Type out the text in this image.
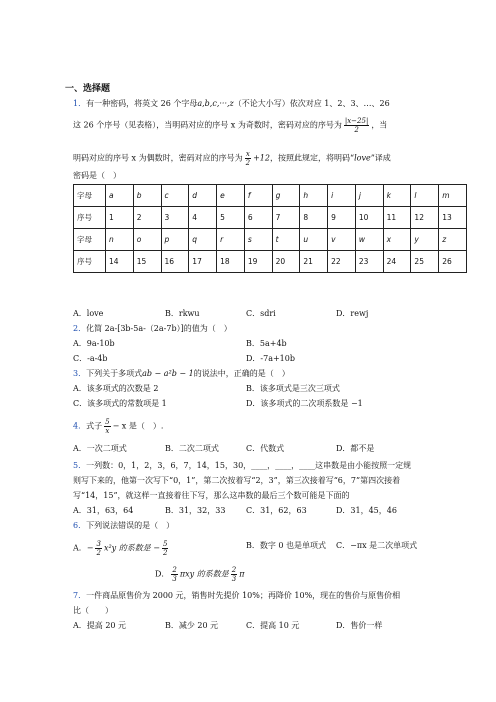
一、选择题
1．有一种密码，将英文 26 个字母a,b,c,···,z（不论大小写）依次对应 1、2、3、…、26
这 26 个序号（见表格），当明码对应的序号 x 为奇数时，密码对应的序号为 $\frac{|x-25|}{2}$ ，当
明码对应的序号 x 为偶数时，密码对应的序号为 $\frac{x}{2} +12$，按照此规定，将明码“love”译成
密码是（　）
字母	a	b	c	d	e	f	g	h	i	j	k	l	m
序号	1	2	3	4	5	6	7	8	9	10	11	12	13
字母	n	o	p	q	r	s	t	u	v	w	x	y	z
序号	14	15	16	17	18	19	20	21	22	23	24	25	26
A．love	B．rkwu	C．sdri	D．rewj
2．化简 2a-[3b-5a-（2a-7b）]的值为（　）
A．9a-10b	B．5a+4b
C．-a-4b	D．-7a+10b
3．下列关于多项式ab − a²b − 1的说法中，正确的是（　）
A．该多项式的次数是 2	B．该多项式是三次三项式
C．该多项式的常数项是 1	D．该多项式的二次项系数是 −1
4．式子 $\frac{5}{x} - x$ 是（　）.
A．一次二项式	B．二次二项式	C．代数式	D．都不是
5．一列数：0，1，2，3，6，7，14，15，30，____，____，____这串数是由小能按照一定规
则写下来的，他第一次写下“0，1”，第二次按着写“2，3”，第三次接着写“6，7”第四次接着
写“14，15”，就这样一直接着往下写，那么这串数的最后三个数可能是下面的
A．31，63，64	B．31，32，33	C．31，62，63	D．31，45，46
6．下列说法错误的是（　）
A．− $\frac{3}{2} x^2y$ 的系数是 − $\frac{5}{2}$	B．数字 0 也是单项式 C．−πx 是二次单项式
D． $\frac{2}{3}$ πxy 的系数是 $\frac{2}{3}$ π
7．一件商品原售价为 2000 元，销售时先提价 10%；再降价 10%，现在的售价与原售价相
比（　　）
A．提高 20 元	B．减少 20 元	C．提高 10 元	D．售价一样
